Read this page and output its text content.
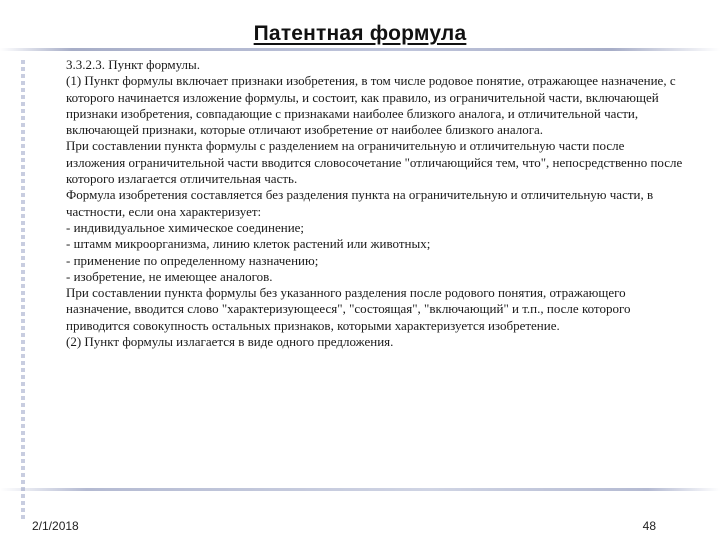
Патентная формула

3.3.2.3. Пункт формулы.

(1) Пункт формулы включает признаки изобретения, в том числе родовое понятие, отражающее назначение, с которого начинается изложение формулы, и состоит, как правило, из ограничительной части, включающей признаки изобретения, совпадающие с признаками наиболее близкого аналога, и отличительной части, включающей признаки, которые отличают изобретение от наиболее близкого аналога.

При составлении пункта формулы с разделением на ограничительную и отличительную части после изложения ограничительной части вводится словосочетание "отличающийся тем, что", непосредственно после которого излагается отличительная часть.

Формула изобретения составляется без разделения пункта на ограничительную и отличительную части, в частности, если она характеризует:

- индивидуальное химическое соединение;

- штамм микроорганизма, линию клеток растений или животных;

- применение по определенному назначению;

- изобретение, не имеющее аналогов.

При составлении пункта формулы без указанного разделения после родового понятия, отражающего назначение, вводится слово "характеризующееся", "состоящая", "включающий" и т.п., после которого приводится совокупность остальных признаков, которыми характеризуется изобретение.

(2) Пункт формулы излагается в виде одного предложения.

2/1/2018	48
